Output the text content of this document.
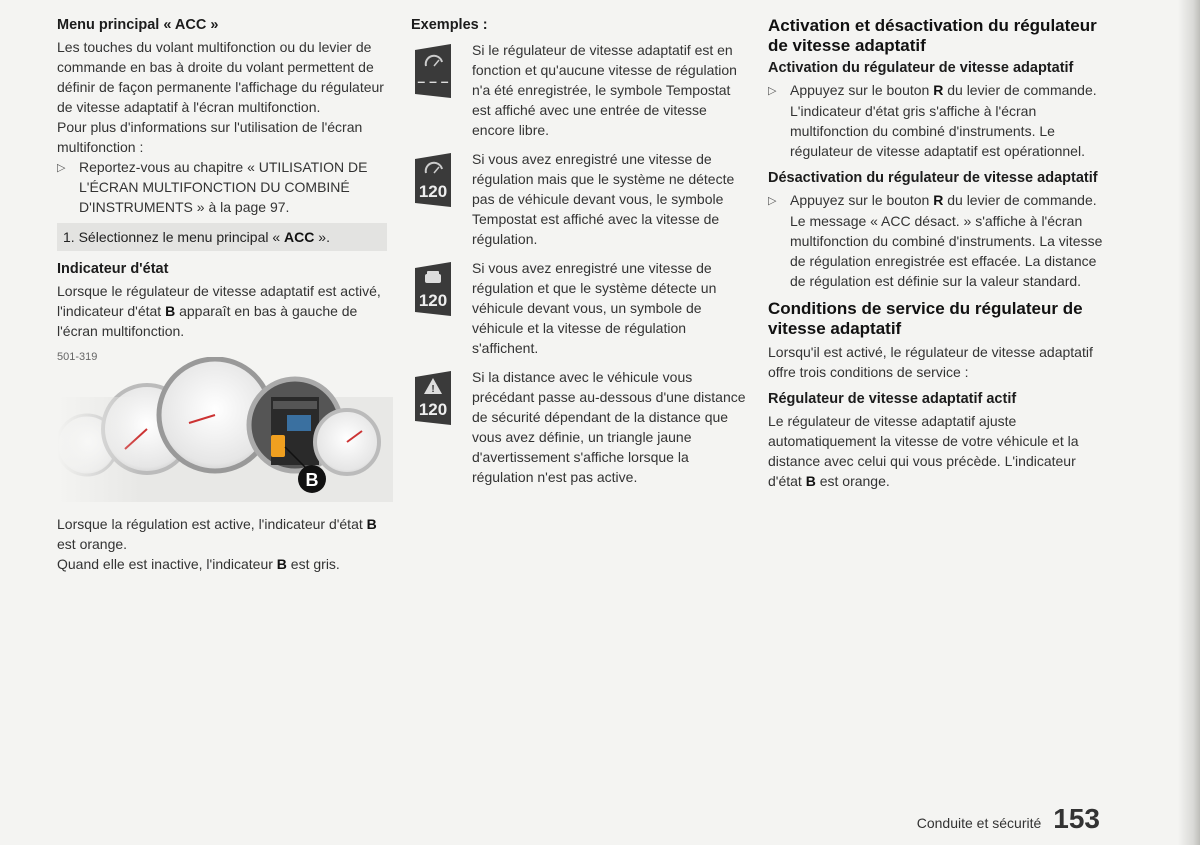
Menu principal « ACC »

Les touches du volant multifonction ou du levier de commande en bas à droite du volant permettent de définir de façon permanente l'affichage du régulateur de vitesse adaptatif à l'écran multifonction.

Pour plus d'informations sur l'utilisation de l'écran multifonction :

▷ Reportez-vous au chapitre « UTILISATION DE L'ÉCRAN MULTIFONCTION DU COMBINÉ D'INSTRUMENTS » à la page 97.
1. Sélectionnez le menu principal « ACC ».
Indicateur d'état

Lorsque le régulateur de vitesse adaptatif est activé, l'indicateur d'état B apparaît en bas à gauche de l'écran multifonction.

501-319
B

Lorsque la régulation est active, l'indicateur d'état B est orange.

Quand elle est inactive, l'indicateur B est gris.

Exemples :
– – –
Si le régulateur de vitesse adaptatif est en fonction et qu'aucune vitesse de régulation n'a été enregistrée, le symbole Tempostat est affiché avec une entrée de vitesse encore libre.
120
Si vous avez enregistré une vitesse de régulation mais que le système ne détecte pas de véhicule devant vous, le symbole Tempostat est affiché avec la vitesse de régulation.
120
Si vous avez enregistré une vitesse de régulation et que le système détecte un véhicule devant vous, un symbole de véhicule et la vitesse de régulation s'affichent.
!
120
Si la distance avec le véhicule vous précédant passe au-dessous d'une distance de sécurité dépendant de la distance que vous avez définie, un triangle jaune d'avertissement s'affiche lorsque la régulation n'est pas active.
Activation et désactivation du régulateur de vitesse adaptatif
Activation du régulateur de vitesse adaptatif
▷ Appuyez sur le bouton R du levier de commande.

L'indicateur d'état gris s'affiche à l'écran multifonction du combiné d'instruments. Le régulateur de vitesse adaptatif est opérationnel.

Désactivation du régulateur de vitesse adaptatif
▷ Appuyez sur le bouton R du levier de commande.

Le message « ACC désact. » s'affiche à l'écran multifonction du combiné d'instruments. La vitesse de régulation enregistrée est effacée. La distance de régulation est définie sur la valeur standard.

Conditions de service du régulateur de vitesse adaptatif

Lorsqu'il est activé, le régulateur de vitesse adaptatif offre trois conditions de service :

Régulateur de vitesse adaptatif actif

Le régulateur de vitesse adaptatif ajuste automatiquement la vitesse de votre véhicule et la distance avec celui qui vous précède. L'indicateur d'état B est orange.

Conduite et sécurité 153
